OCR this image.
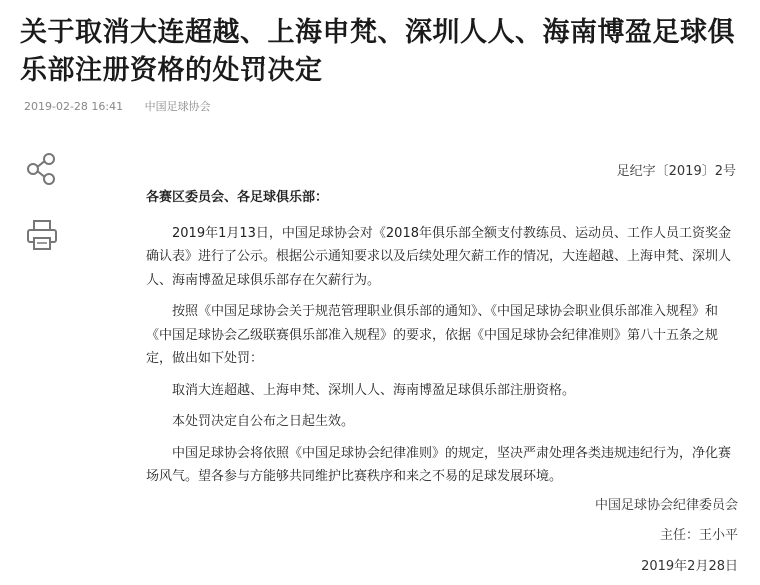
关于取消大连超越、上海申梵、深圳人人、海南博盈足球俱乐部注册资格的处罚决定
2019-02-28 16:41 中国足球协会
足纪字〔2019〕2号

各赛区委员会、各足球俱乐部：

2019年1月13日，中国足球协会对《2018年俱乐部全额支付教练员、运动员、工作人员工资奖金确认表》进行了公示。根据公示通知要求以及后续处理欠薪工作的情况，大连超越、上海申梵、深圳人人、海南博盈足球俱乐部存在欠薪行为。

按照《中国足球协会关于规范管理职业俱乐部的通知》、《中国足球协会职业俱乐部准入规程》和《中国足球协会乙级联赛俱乐部准入规程》的要求，依据《中国足球协会纪律准则》第八十五条之规定，做出如下处罚：

取消大连超越、上海申梵、深圳人人、海南博盈足球俱乐部注册资格。

本处罚决定自公布之日起生效。

中国足球协会将依照《中国足球协会纪律准则》的规定，坚决严肃处理各类违规违纪行为，净化赛场风气。望各参与方能够共同维护比赛秩序和来之不易的足球发展环境。

中国足球协会纪律委员会
主任：王小平
2019年2月28日
